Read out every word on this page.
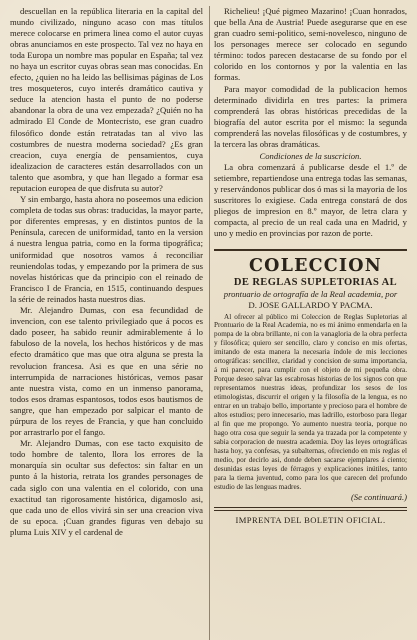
descuellan en la república literaria en la capital del mundo civilizado, ninguno acaso con mas títulos merece colocarse en primera linea como el autor cuyas obras anunciamos en este prospecto. Tal vez no haya en toda Europa un nombre mas popular en España; tal vez no haya un escritor cuyas obras sean mas conocidas. En efecto, ¿quien no ha leido las bellisimas páginas de Los tres mosqueteros, cuyo interés dramático cautiva y seduce la atencion hasta el punto de no poderse abandonar la obra de una vez empezada? ¿Quién no ha admirado El Conde de Montecristo, ese gran cuadro filosófico donde están retratadas tan al vivo las costumbres de nuestra moderna sociedad? ¿Es gran creacion, cuya energía de pensamientos, cuya idealizacion de caracteres están desarrollados con un talento que asombra, y que han llegado a formar esa reputacion europea de que disfruta su autor?

Y sin embargo, hasta ahora no poseemos una edicion completa de todas sus obras: traducidas, la mayor parte, por diferentes empresas, y en distintos puntos de la Península, carecen de uniformidad, tanto en la version á nuestra lengua patria, como en la forma tipográfica; uniformidad que nosotros vamos á reconciliar reuniendolas todas, y empezando por la primera de sus novelas históricas que da principio con el reinado de Francisco I de Francia, en 1515, continuando despues la série de reinados hasta nuestros dias.

Mr. Alejandro Dumas, con esa fecundidad de invencion, con ese talento privilegiado que á pocos es dado poseer, ha sabido reunir admirablemente á lo fabuloso de la novela, los hechos históricos y de mas efecto dramático que mas que otra alguna se presta la revolucion francesa. Asi es que en una série no interrumpida de narraciones históricas, vemos pasar ante nuestra vista, como en un inmenso panorama, todos esos dramas espantosos, todos esos bautismos de sangre, que han empezado por salpicar el manto de púrpura de los reyes de Francia, y que han concluido por arrastrarlo por el fango.

Mr. Alejandro Dumas, con ese tacto exquisito de todo hombre de talento, llora los errores de la monarquía sin ocultar sus defectos: sin faltar en un punto á la historia, retrata los grandes personages de cada siglo con una valentia en el colorido, con una exactitud tan rigorosamente histórica, digamoslo asi, que cada uno de ellos vivirá sin ser una creacion viva de su epoca. ¡Cuan grandes figuras ven debajo su pluma Luis XIV y el cardenal de

Richelieu! ¡Qué pigmeo Mazarino! ¡Cuan honrados, que bella Ana de Austria! Puede asegurarse que en ese gran cuadro semi-politico, semi-novelesco, ninguno de los personages merece ser colocado en segundo término: todos parecen destacarse de su fondo por el colorido en los contornos y por la valentia en las formas.

Para mayor comodidad de la publicacion hemos determinado dividirla en tres partes: la primera comprenderá las obras históricas precedidas de la biografía del autor escrita por el mismo: la segunda comprenderá las novelas filosóficas y de costumbres, y la tercera las obras dramáticas.

Condiciones de la suscricion.

La obra comenzará á publicarse desde el 1.º de setiembre, repartiendose una entrega todas las semanas, y reservándonos publicar dos ó mas si la mayoria de los suscritores lo exigiese. Cada entrega constará de dos pliegos de impresion en 8.º mayor, de letra clara y compacta, al precio de un real cada una en Madrid, y uno y medio en provincias por razon de porte.

COLECCION

DE REGLAS SUPLETORIAS AL

prontuario de ortografía de la Real academia, por

D. JOSE GALLARDO Y PACMA.

Al ofrecer al público mi Coleccion de Reglas Supletorias al Prontuario de la Real Academia, no es mi ánimo enmendarla en la pompa de la obra brillante, ni con la vanagloria de la obra perfecta y filosófica; quiero ser sencillo, claro y conciso en mis ofertas, imitando de esta manera la necesaria índole de mis lecciones ortográficas: sencillez, claridad y concision de suma importancia, á mi parecer, para cumplir con el objeto de mi pequeña obra. Porque deseo salvar las escabrosas historias de los signos con que representamos nuestras ideas, profundizar los sesos de los etimologistas, discurrir el origen y la filosofía de la lengua, es no entrar en un trabajo bello, importante y precioso para el hombre de altos estudios; pero innecesario, mas ladrillo, estorboso para llegar al fin que me propongo. Yo aumento nuestra teoria, porque no hago otra cosa que seguir la senda ya trazada por la competente y sabia corporacion de nuestra academia. Doy las leyes ortográficas hasta hoy, ya confesas, ya subalternas, ofreciendo en mis reglas el medio, por decirlo asi, donde deben sacarse ejemplares á ciento; desunidas estas leyes de férragos y explicaciones inútiles, tanto para la tierna juventud, como para los que carecen del profundo estudio de las lenguas madres.

(Se continuará.)

IMPRENTA DEL BOLETIN OFICIAL.
